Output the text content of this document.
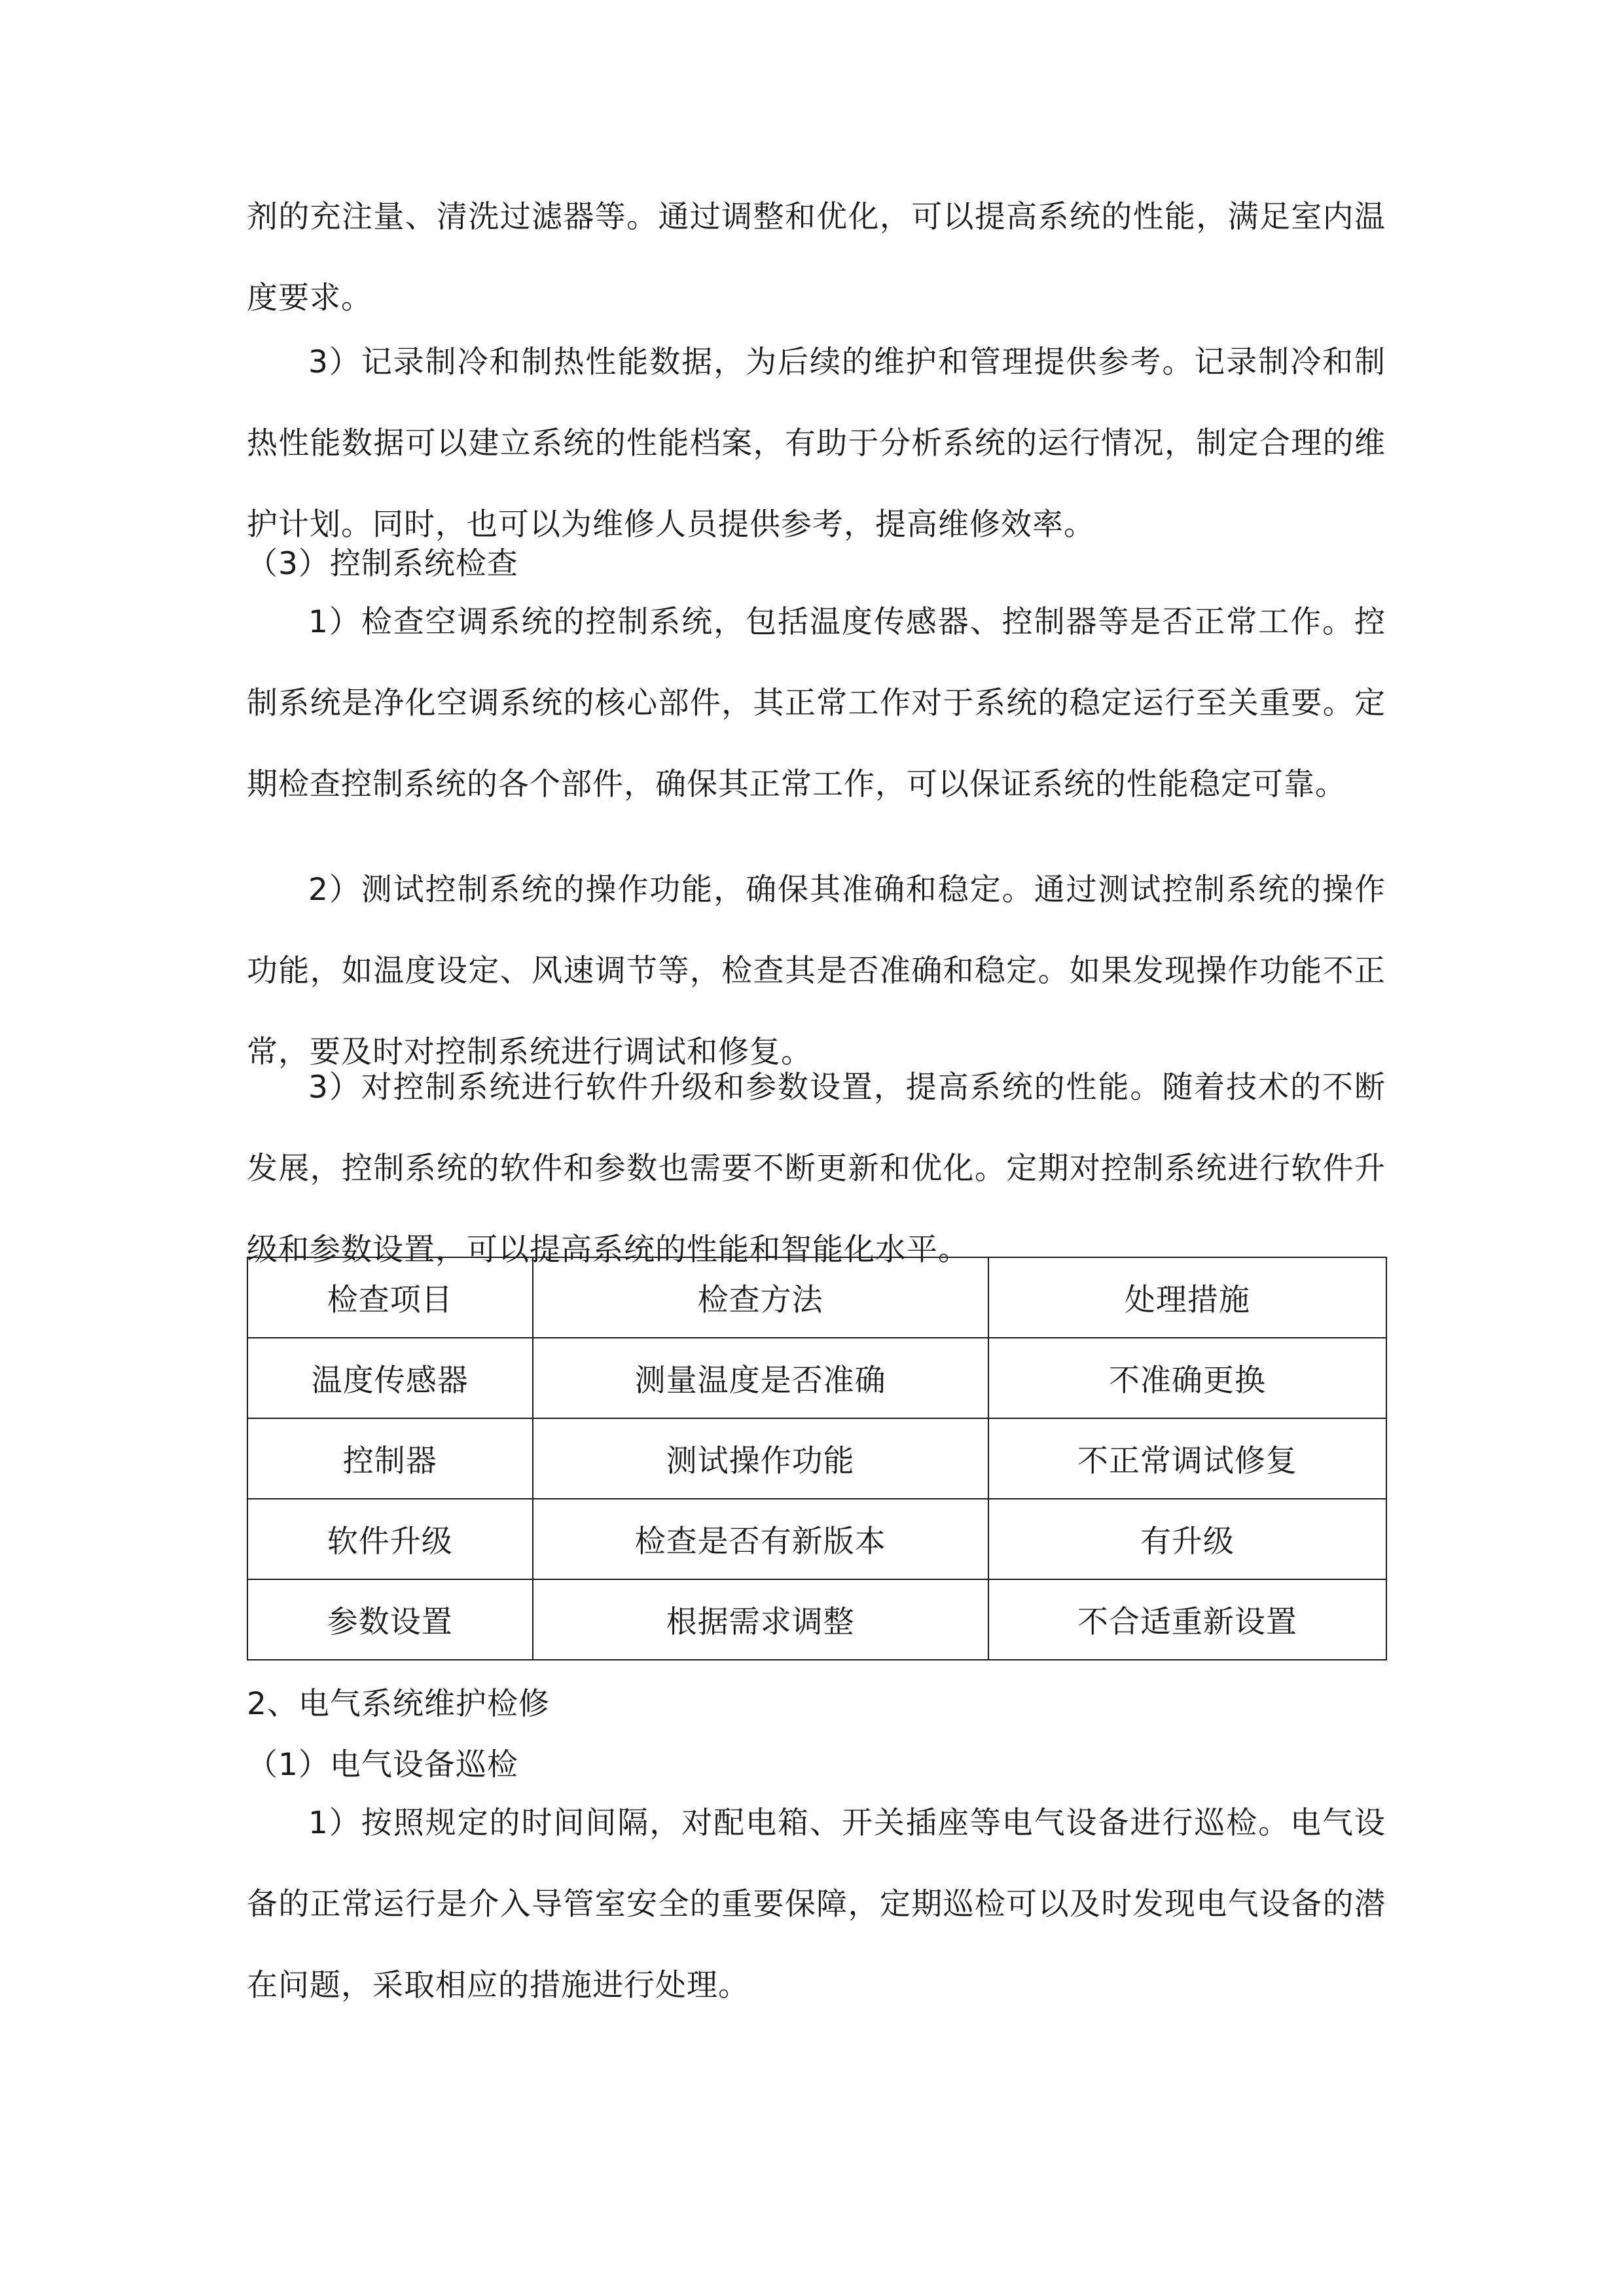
剂的充注量、清洗过滤器等。通过调整和优化，可以提高系统的性能，满足室内温度要求。

3）记录制冷和制热性能数据，为后续的维护和管理提供参考。记录制冷和制热性能数据可以建立系统的性能档案，有助于分析系统的运行情况，制定合理的维护计划。同时，也可以为维修人员提供参考，提高维修效率。

（3）控制系统检查

1）检查空调系统的控制系统，包括温度传感器、控制器等是否正常工作。控制系统是净化空调系统的核心部件，其正常工作对于系统的稳定运行至关重要。定期检查控制系统的各个部件，确保其正常工作，可以保证系统的性能稳定可靠。

2）测试控制系统的操作功能，确保其准确和稳定。通过测试控制系统的操作功能，如温度设定、风速调节等，检查其是否准确和稳定。如果发现操作功能不正常，要及时对控制系统进行调试和修复。

3）对控制系统进行软件升级和参数设置，提高系统的性能。随着技术的不断发展，控制系统的软件和参数也需要不断更新和优化。定期对控制系统进行软件升级和参数设置，可以提高系统的性能和智能化水平。

检查项目	检查方法	处理措施
温度传感器	测量温度是否准确	不准确更换
控制器	测试操作功能	不正常调试修复
软件升级	检查是否有新版本	有升级
参数设置	根据需求调整	不合适重新设置

2、电气系统维护检修

（1）电气设备巡检

1）按照规定的时间间隔，对配电箱、开关插座等电气设备进行巡检。电气设备的正常运行是介入导管室安全的重要保障，定期巡检可以及时发现电气设备的潜在问题，采取相应的措施进行处理。
